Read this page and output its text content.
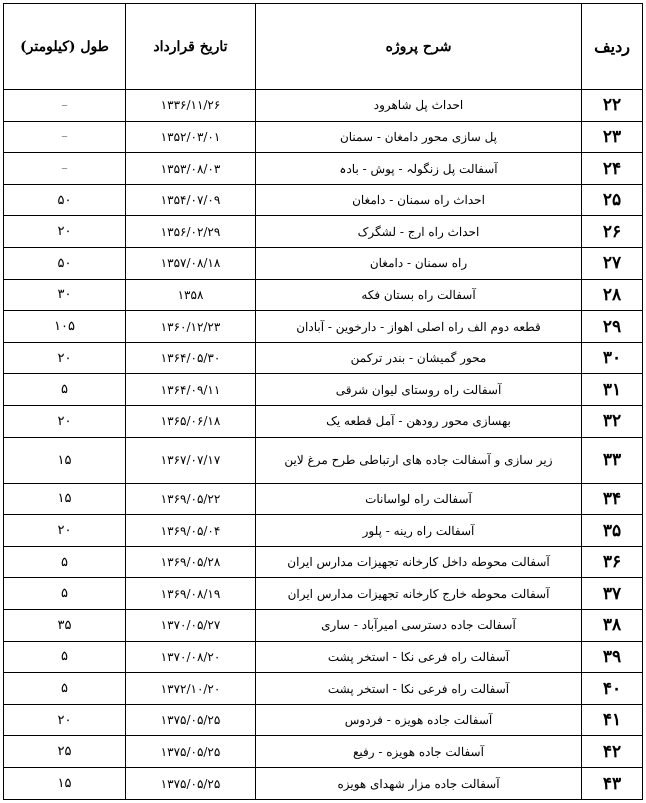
ردیف	شرح پروژه	تاریخ قرارداد	طول (کیلومتر)
۲۲	احداث پل شاهرود	۱۳۳۶/۱۱/۲۶	–
۲۳	پل سازی محور دامغان - سمنان	۱۳۵۲/۰۳/۰۱	–
۲۴	آسفالت پل زنگولہ - پوش - بادہ	۱۳۵۳/۰۸/۰۳	–
۲۵	احداث راه سمنان - دامغان	۱۳۵۴/۰۷/۰۹	۵۰
۲۶	احداث راه ارج - لشگرک	۱۳۵۶/۰۲/۲۹	۲۰
۲۷	راه سمنان - دامغان	۱۳۵۷/۰۸/۱۸	۵۰
۲۸	آسفالت راه بستان فکه	۱۳۵۸	۳۰
۲۹	قطعه دوم الف راه اصلی اهواز - دارخوین - آبادان	۱۳۶۰/۱۲/۲۳	۱۰۵
۳۰	محور گمیشان - بندر ترکمن	۱۳۶۴/۰۵/۳۰	۲۰
۳۱	آسفالت راه روستای لیوان شرقی	۱۳۶۴/۰۹/۱۱	۵
۳۲	بهسازی محور رودهن - آمل قطعه یک	۱۳۶۵/۰۶/۱۸	۲۰
۳۳	زیر سازی و آسفالت جاده های ارتباطی طرح مرغ لاین	۱۳۶۷/۰۷/۱۷	۱۵
۳۴	آسفالت راه لواسانات	۱۳۶۹/۰۵/۲۲	۱۵
۳۵	آسفالت راه رینه - پلور	۱۳۶۹/۰۵/۰۴	۲۰
۳۶	آسفالت محوطه داخل کارخانه تجهیزات مدارس ایران	۱۳۶۹/۰۵/۲۸	۵
۳۷	آسفالت محوطه خارج کارخانه تجهیزات مدارس ایران	۱۳۶۹/۰۸/۱۹	۵
۳۸	آسفالت جاده دسترسی امیرآباد - ساری	۱۳۷۰/۰۵/۲۷	۳۵
۳۹	آسفالت راه فرعی نکا - استخر پشت	۱۳۷۰/۰۸/۲۰	۵
۴۰	آسفالت راه فرعی نکا - استخر پشت	۱۳۷۲/۱۰/۲۰	۵
۴۱	آسفالت جاده هویزه - فردوس	۱۳۷۵/۰۵/۲۵	۲۰
۴۲	آسفالت جاده هویزه - رفیع	۱۳۷۵/۰۵/۲۵	۲۵
۴۳	آسفالت جاده مزار شهدای هویزه	۱۳۷۵/۰۵/۲۵	۱۵
